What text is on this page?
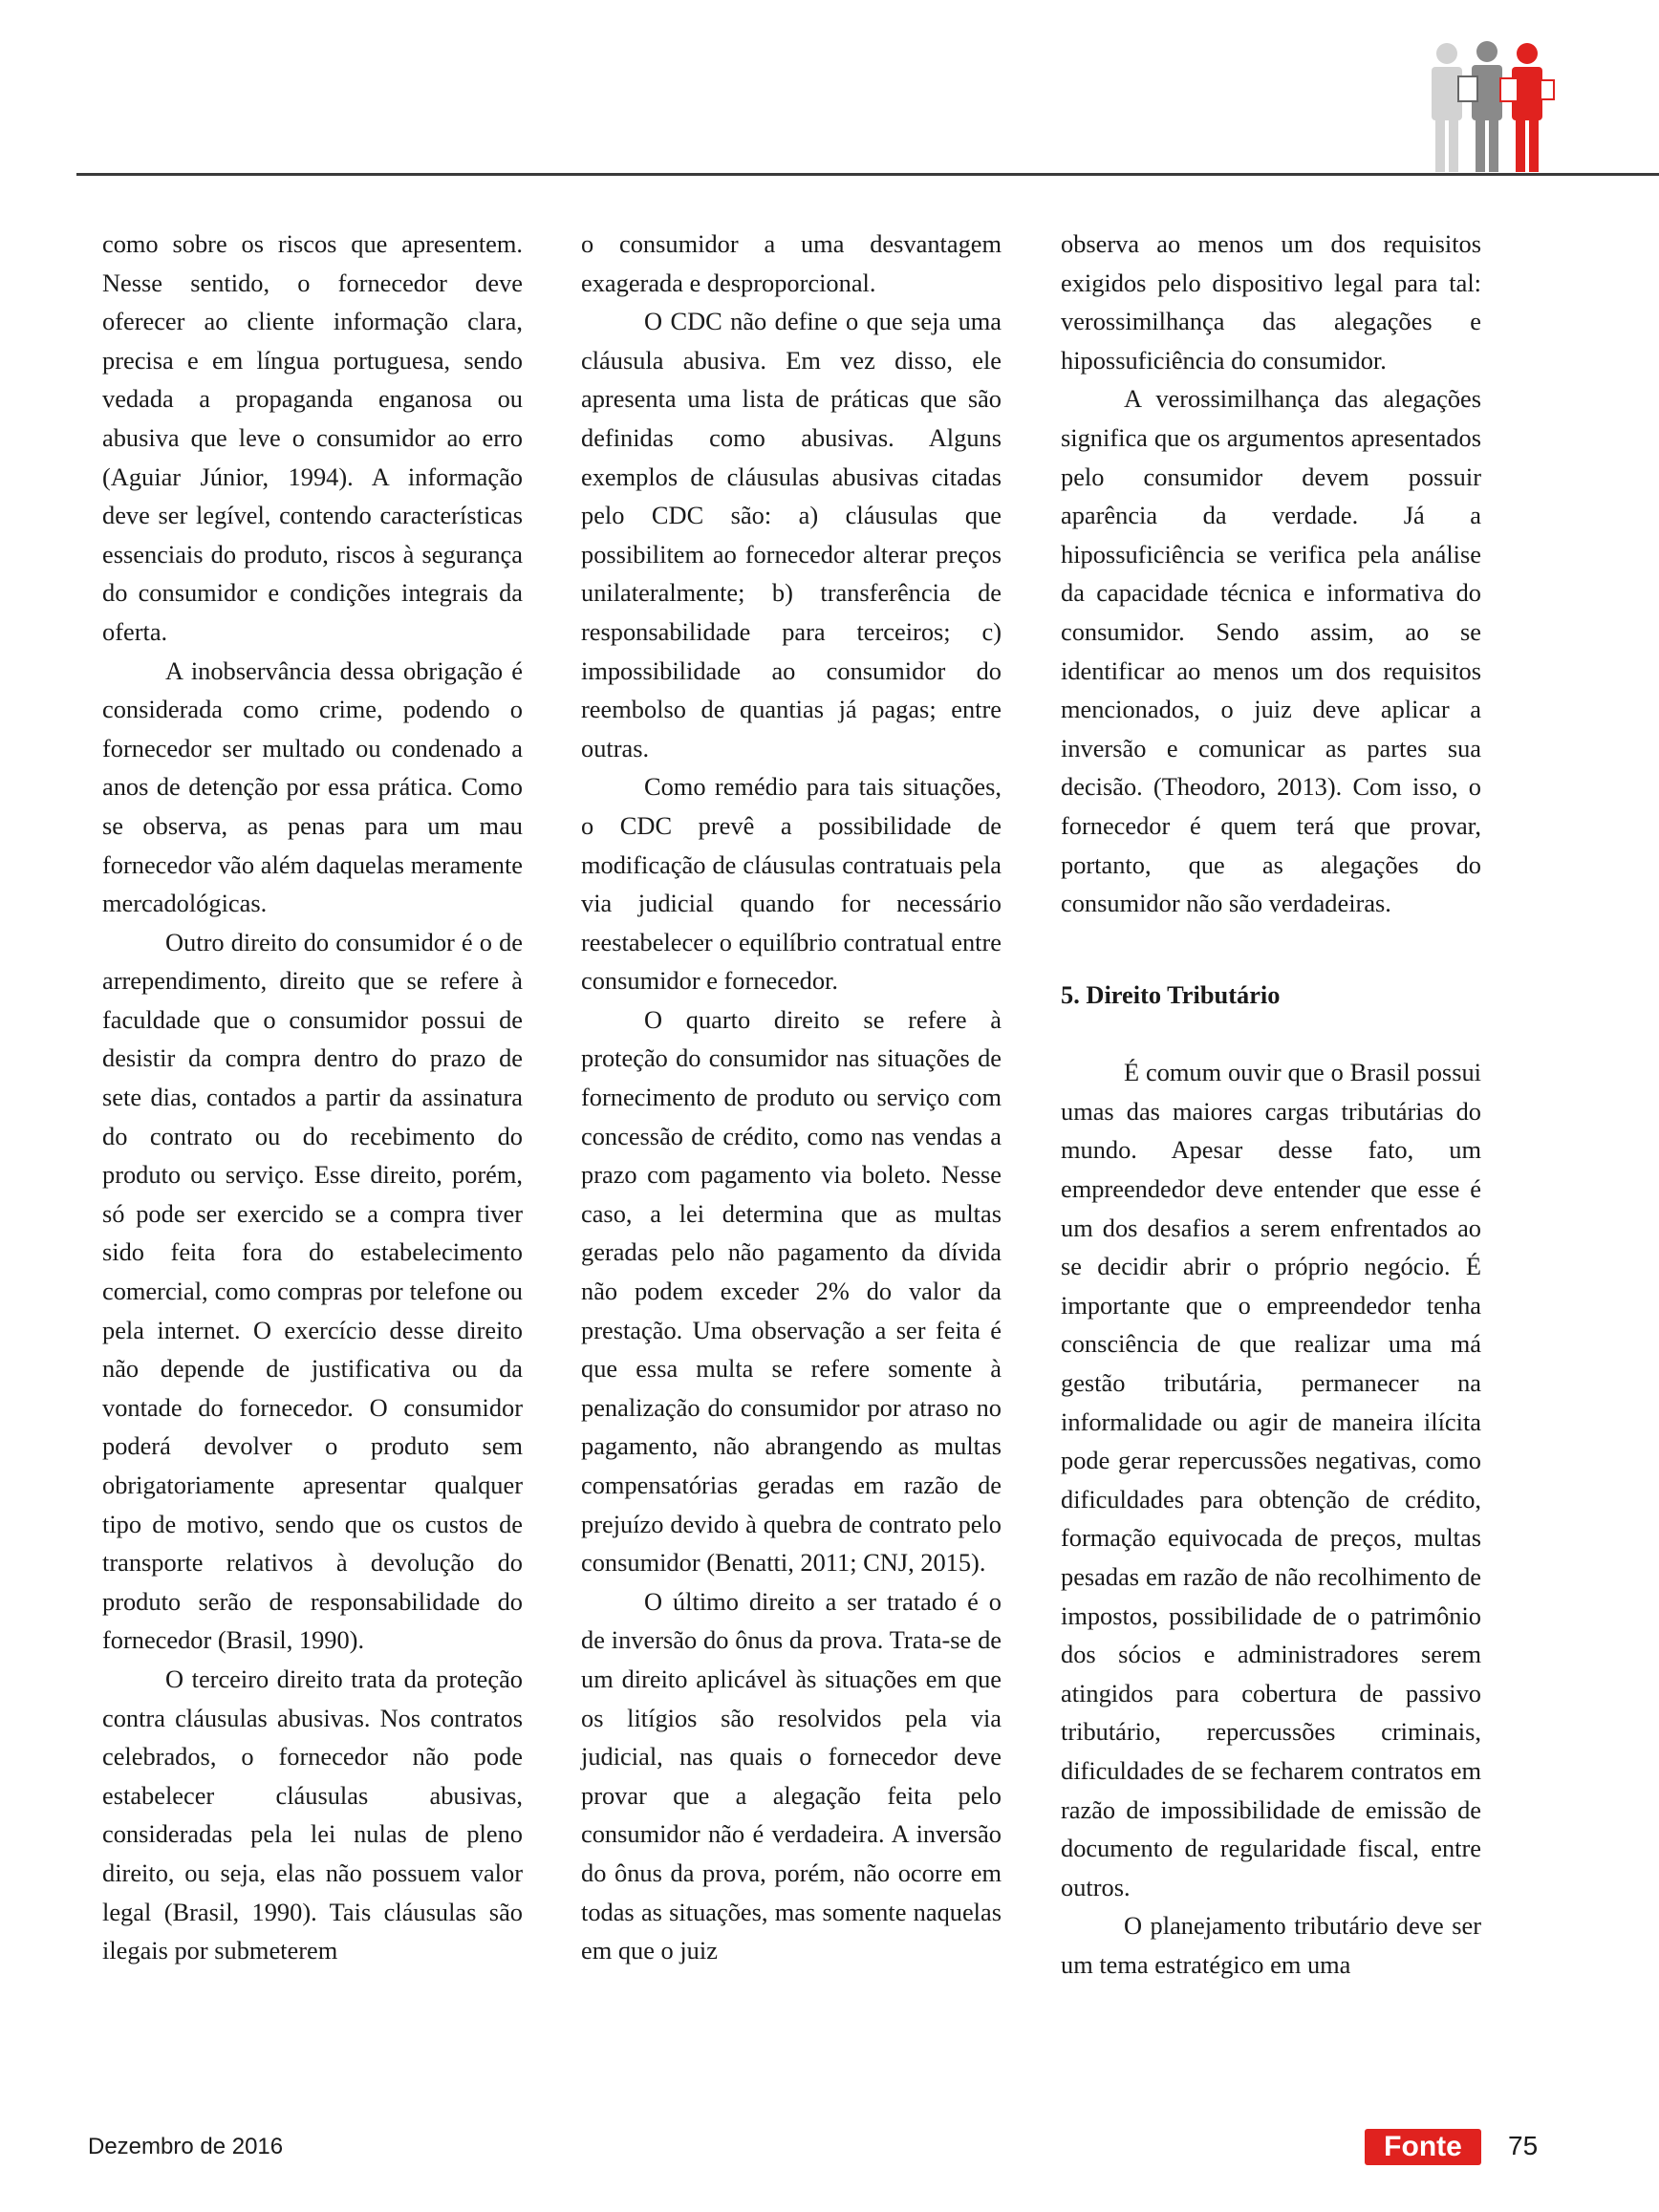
como sobre os riscos que apresentem. Nesse sentido, o fornecedor deve oferecer ao cliente informação clara, precisa e em língua portuguesa, sendo vedada a propaganda enganosa ou abusiva que leve o consumidor ao erro (Aguiar Júnior, 1994). A informação deve ser legível, contendo características essenciais do produto, riscos à segurança do consumidor e condições integrais da oferta.

A inobservância dessa obrigação é considerada como crime, podendo o fornecedor ser multado ou condenado a anos de detenção por essa prática. Como se observa, as penas para um mau fornecedor vão além daquelas meramente mercadológicas.

Outro direito do consumidor é o de arrependimento, direito que se refere à faculdade que o consumidor possui de desistir da compra dentro do prazo de sete dias, contados a partir da assinatura do contrato ou do recebimento do produto ou serviço. Esse direito, porém, só pode ser exercido se a compra tiver sido feita fora do estabelecimento comercial, como compras por telefone ou pela internet. O exercício desse direito não depende de justificativa ou da vontade do fornecedor. O consumidor poderá devolver o produto sem obrigatoriamente apresentar qualquer tipo de motivo, sendo que os custos de transporte relativos à devolução do produto serão de responsabilidade do fornecedor (Brasil, 1990).

O terceiro direito trata da proteção contra cláusulas abusivas. Nos contratos celebrados, o fornecedor não pode estabelecer cláusulas abusivas, consideradas pela lei nulas de pleno direito, ou seja, elas não possuem valor legal (Brasil, 1990). Tais cláusulas são ilegais por submeterem

o consumidor a uma desvantagem exagerada e desproporcional.

O CDC não define o que seja uma cláusula abusiva. Em vez disso, ele apresenta uma lista de práticas que são definidas como abusivas. Alguns exemplos de cláusulas abusivas citadas pelo CDC são: a) cláusulas que possibilitem ao fornecedor alterar preços unilateralmente; b) transferência de responsabilidade para terceiros; c) impossibilidade ao consumidor do reembolso de quantias já pagas; entre outras.

Como remédio para tais situações, o CDC prevê a possibilidade de modificação de cláusulas contratuais pela via judicial quando for necessário reestabelecer o equilíbrio contratual entre consumidor e fornecedor.

O quarto direito se refere à proteção do consumidor nas situações de fornecimento de produto ou serviço com concessão de crédito, como nas vendas a prazo com pagamento via boleto. Nesse caso, a lei determina que as multas geradas pelo não pagamento da dívida não podem exceder 2% do valor da prestação. Uma observação a ser feita é que essa multa se refere somente à penalização do consumidor por atraso no pagamento, não abrangendo as multas compensatórias geradas em razão de prejuízo devido à quebra de contrato pelo consumidor (Benatti, 2011; CNJ, 2015).

O último direito a ser tratado é o de inversão do ônus da prova. Trata-se de um direito aplicável às situações em que os litígios são resolvidos pela via judicial, nas quais o fornecedor deve provar que a alegação feita pelo consumidor não é verdadeira. A inversão do ônus da prova, porém, não ocorre em todas as situações, mas somente naquelas em que o juiz

observa ao menos um dos requisitos exigidos pelo dispositivo legal para tal: verossimilhança das alegações e hipossuficiência do consumidor.

A verossimilhança das alegações significa que os argumentos apresentados pelo consumidor devem possuir aparência da verdade. Já a hipossuficiência se verifica pela análise da capacidade técnica e informativa do consumidor. Sendo assim, ao se identificar ao menos um dos requisitos mencionados, o juiz deve aplicar a inversão e comunicar as partes sua decisão. (Theodoro, 2013). Com isso, o fornecedor é quem terá que provar, portanto, que as alegações do consumidor não são verdadeiras.

5. Direito Tributário

É comum ouvir que o Brasil possui umas das maiores cargas tributárias do mundo. Apesar desse fato, um empreendedor deve entender que esse é um dos desafios a serem enfrentados ao se decidir abrir o próprio negócio. É importante que o empreendedor tenha consciência de que realizar uma má gestão tributária, permanecer na informalidade ou agir de maneira ilícita pode gerar repercussões negativas, como dificuldades para obtenção de crédito, formação equivocada de preços, multas pesadas em razão de não recolhimento de impostos, possibilidade de o patrimônio dos sócios e administradores serem atingidos para cobertura de passivo tributário, repercussões criminais, dificuldades de se fecharem contratos em razão de impossibilidade de emissão de documento de regularidade fiscal, entre outros.

O planejamento tributário deve ser um tema estratégico em uma

Dezembro de 2016	Fonte	75
